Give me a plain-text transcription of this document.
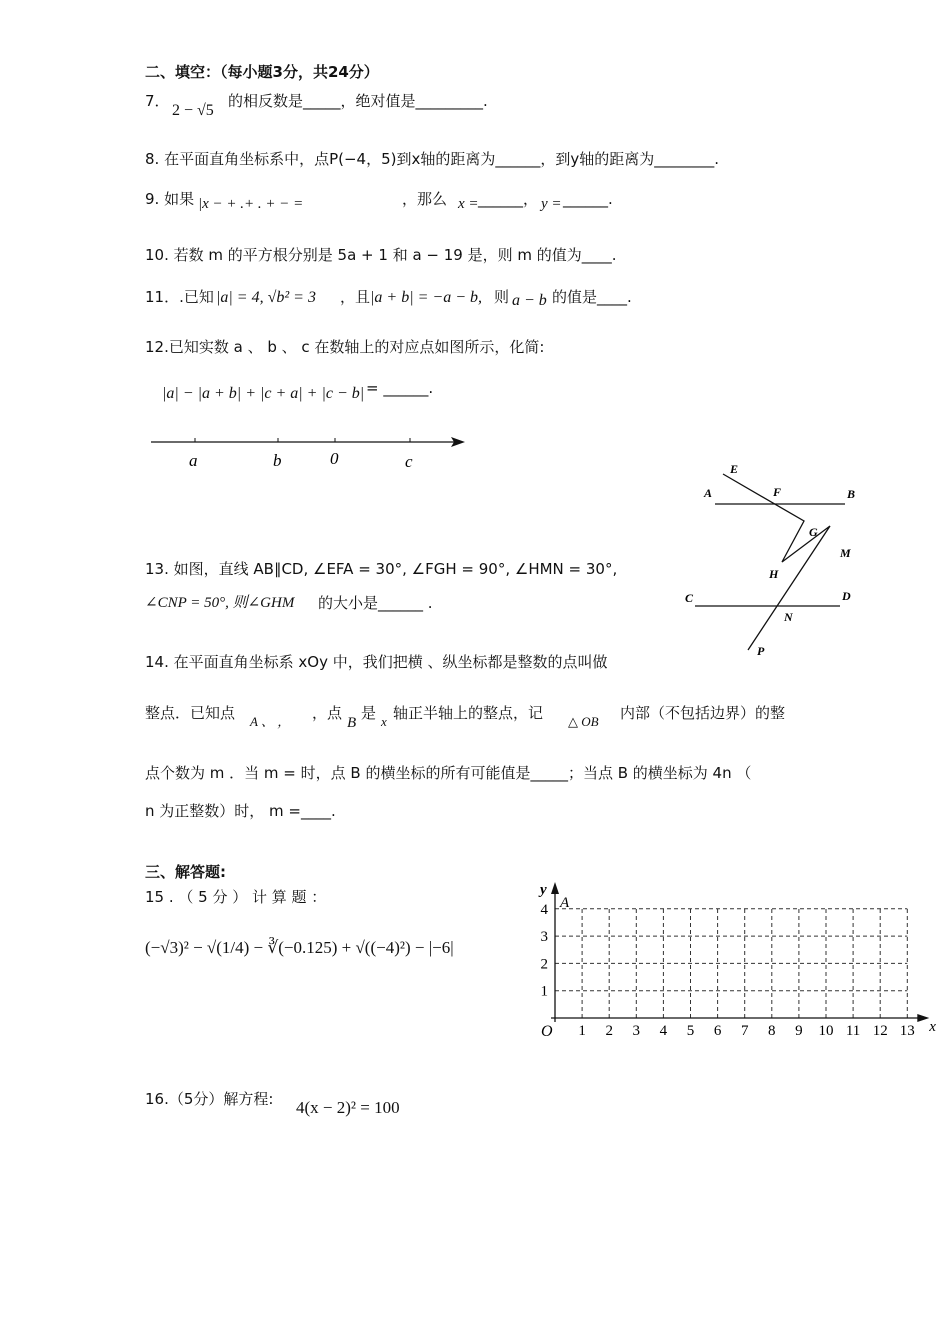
二、填空：（每小题3分，共24分）
7．
2 − √5
的相反数是_____，绝对值是_________.
8. 在平面直角坐标系中，点P(−4，5)到x轴的距离为______，到y轴的距离为________.
9. 如果 |x − + .+ . + − =	，那么 x = ______， y = ______.
10. 若数 m 的平方根分别是 5a + 1 和 a − 19 是，则 m 的值为____.
11．.已知 |a| = 4, √b² = 3 ，且 |a + b| = −a − b, 则 a − b 的值是____.
12.已知实数 a 、 b 、 c 在数轴上的对应点如图所示，化简:
|a| − |a + b| + |c + a| + |c − b| = ______.
a	b	0	c	E
A	F	B
G
M
H
C	D
N
P
13. 如图，直线 AB∥CD, ∠EFA = 30°, ∠FGH = 90°, ∠HMN = 30°,
∠CNP = 50°, 则∠GHM 的大小是______ .
14. 在平面直角坐标系 xOy 中，我们把横 、纵坐标都是整数的点叫做
整点．已知点 A 、 ， ，点
B
是 x 轴正半轴上的整点，记 △ OB 内部（不包括边界）的整
点个数为 m ．当 m = 时，点 B 的横坐标的所有可能值是_____；当点 B 的横坐标为 4n （
n 为正整数）时， m =____.
三、解答题:
15 . （ 5 分 ） 计 算 题 ：
(−√3)² − √(1/4) − ∛(−0.125) + √((−4)²) − |−6|
1 2 3 4 5 6 7 8 9 10 11 12 13
1
2
3
4
O	x
y
A
16.（5分）解方程: 4(x − 2)² = 100
